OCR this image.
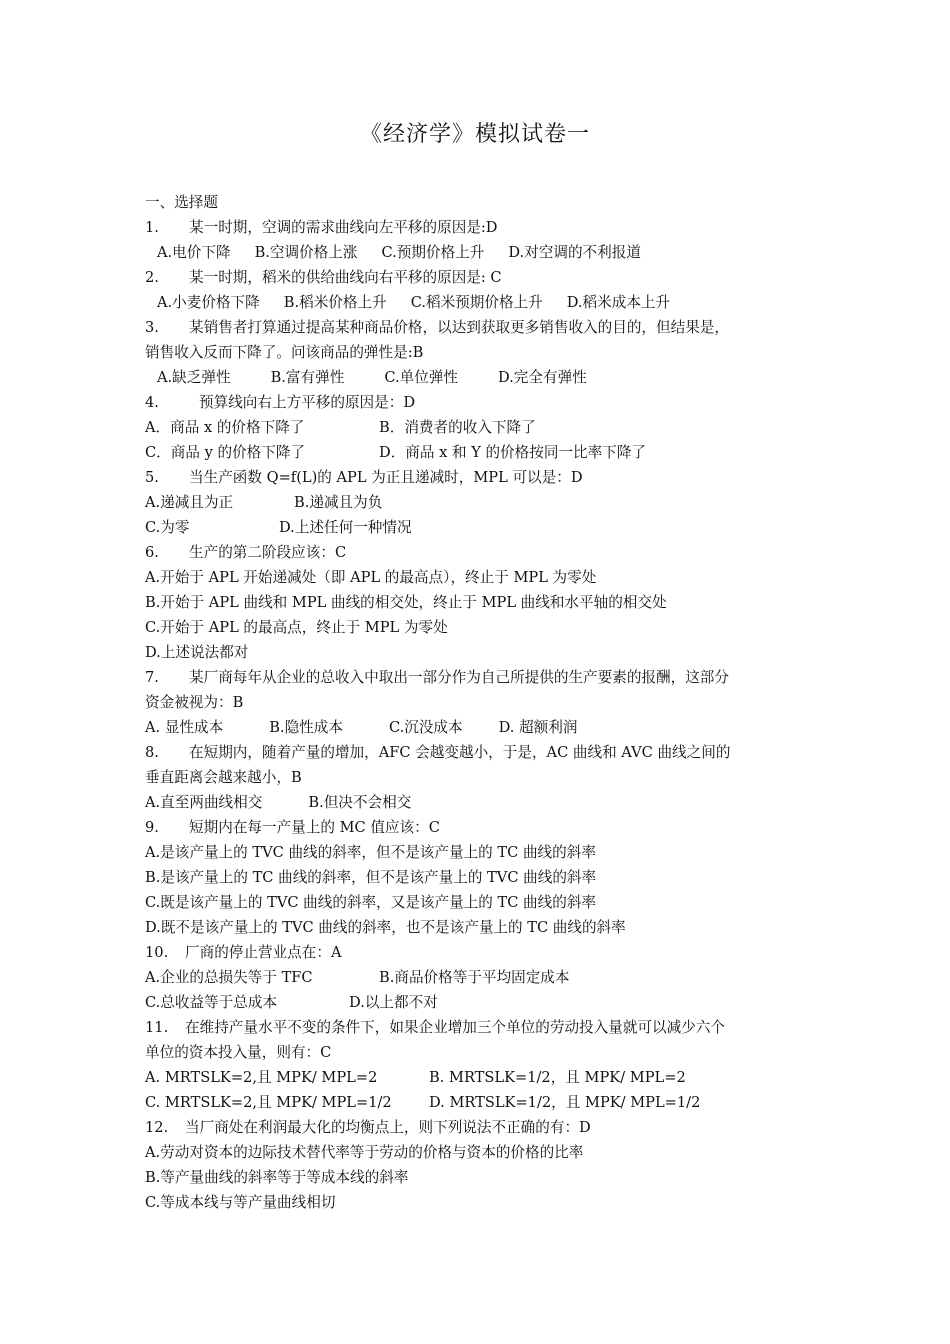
《经济学》模拟试卷一
一、选择题
1. 某一时期，空调的需求曲线向左平移的原因是:D
A.电价下降 B.空调价格上涨 C.预期价格上升 D.对空调的不利报道
2. 某一时期，稻米的供给曲线向右平移的原因是: C
A.小麦价格下降 B.稻米价格上升 C.稻米预期价格上升 D.稻米成本上升
3. 某销售者打算通过提高某种商品价格，以达到获取更多销售收入的目的，但结果是，
销售收入反而下降了。问该商品的弹性是:B
A.缺乏弹性	B.富有弹性	C.单位弹性	D.完全有弹性
4.	预算线向右上方平移的原因是：D
A．商品 x 的价格下降了	B．消费者的收入下降了
C．商品 y 的价格下降了	D．商品 x 和 Y 的价格按同一比率下降了
5. 当生产函数 Q=f(L)的 APL 为正且递减时，MPL 可以是：D
A.递减且为正	B.递减且为负
C.为零	D.上述任何一种情况
6. 生产的第二阶段应该：C
A.开始于 APL 开始递减处（即 APL 的最高点），终止于 MPL 为零处
B.开始于 APL 曲线和 MPL 曲线的相交处，终止于 MPL 曲线和水平轴的相交处
C.开始于 APL 的最高点，终止于 MPL 为零处
D.上述说法都对
7. 某厂商每年从企业的总收入中取出一部分作为自己所提供的生产要素的报酬，这部分
资金被视为：B
A. 显性成本	B.隐性成本	C.沉没成本 D. 超额利润
8. 在短期内，随着产量的增加，AFC 会越变越小，于是，AC 曲线和 AVC 曲线之间的
垂直距离会越来越小，B
A.直至两曲线相交	B.但决不会相交
9. 短期内在每一产量上的 MC 值应该：C
A.是该产量上的 TVC 曲线的斜率，但不是该产量上的 TC 曲线的斜率
B.是该产量上的 TC 曲线的斜率，但不是该产量上的 TVC 曲线的斜率
C.既是该产量上的 TVC 曲线的斜率，又是该产量上的 TC 曲线的斜率
D.既不是该产量上的 TVC 曲线的斜率，也不是该产量上的 TC 曲线的斜率
10. 厂商的停止营业点在：A
A.企业的总损失等于 TFC	B.商品价格等于平均固定成本
C.总收益等于总成本	D.以上都不对
11. 在维持产量水平不变的条件下，如果企业增加三个单位的劳动投入量就可以减少六个
单位的资本投入量，则有：C
A. MRTSLK=2,且 MPK/ MPL=2	B. MRTSLK=1/2，且 MPK/ MPL=2
C. MRTSLK=2,且 MPK/ MPL=1/2	D. MRTSLK=1/2，且 MPK/ MPL=1/2
12. 当厂商处在利润最大化的均衡点上，则下列说法不正确的有：D
A.劳动对资本的边际技术替代率等于劳动的价格与资本的价格的比率
B.等产量曲线的斜率等于等成本线的斜率
C.等成本线与等产量曲线相切
